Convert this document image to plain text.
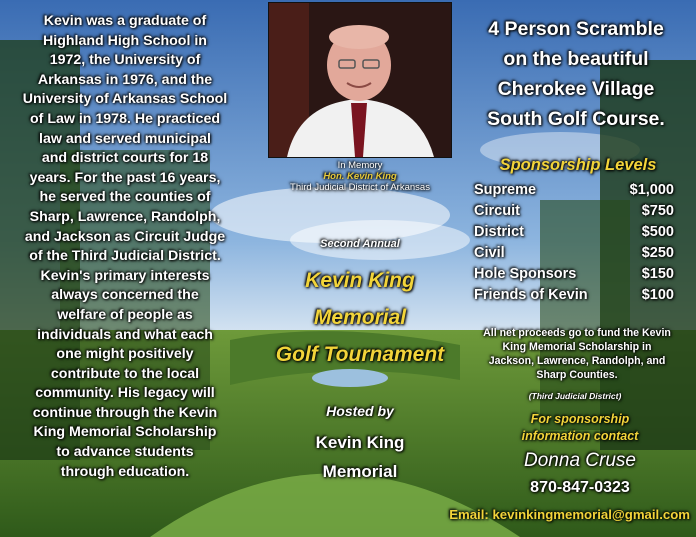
Kevin was a graduate of
Highland High School in
1972, the University of
Arkansas in 1976, and the
University of Arkansas School
of Law in 1978. He practiced
law and served municipal
and district courts for 18
years. For the past 16 years,
he served the counties of
Sharp, Lawrence, Randolph,
and Jackson as Circuit Judge
of the Third Judicial District.
Kevin's primary interests
always concerned the
welfare of people as
individuals and what each
one might positively
contribute to the local
community. His legacy will
continue through the Kevin
King Memorial Scholarship
to advance students
through education.
In Memory
Hon. Kevin King
Third Judicial District of Arkansas
Second Annual
Kevin King
Memorial
Golf Tournament
Hosted by
Kevin King
Memorial
4 Person Scramble
on the beautiful
Cherokee Village
South Golf Course.
Sponsorship Levels
Supreme	$1,000
Circuit	$750
District	$500
Civil	$250
Hole Sponsors	$150
Friends of Kevin	$100
All net proceeds go to fund the Kevin
King Memorial Scholarship in
Jackson, Lawrence, Randolph, and
Sharp Counties.
(Third Judicial District)
For sponsorship
information contact
Donna Cruse
870-847-0323
Email: kevinkingmemorial@gmail.com
